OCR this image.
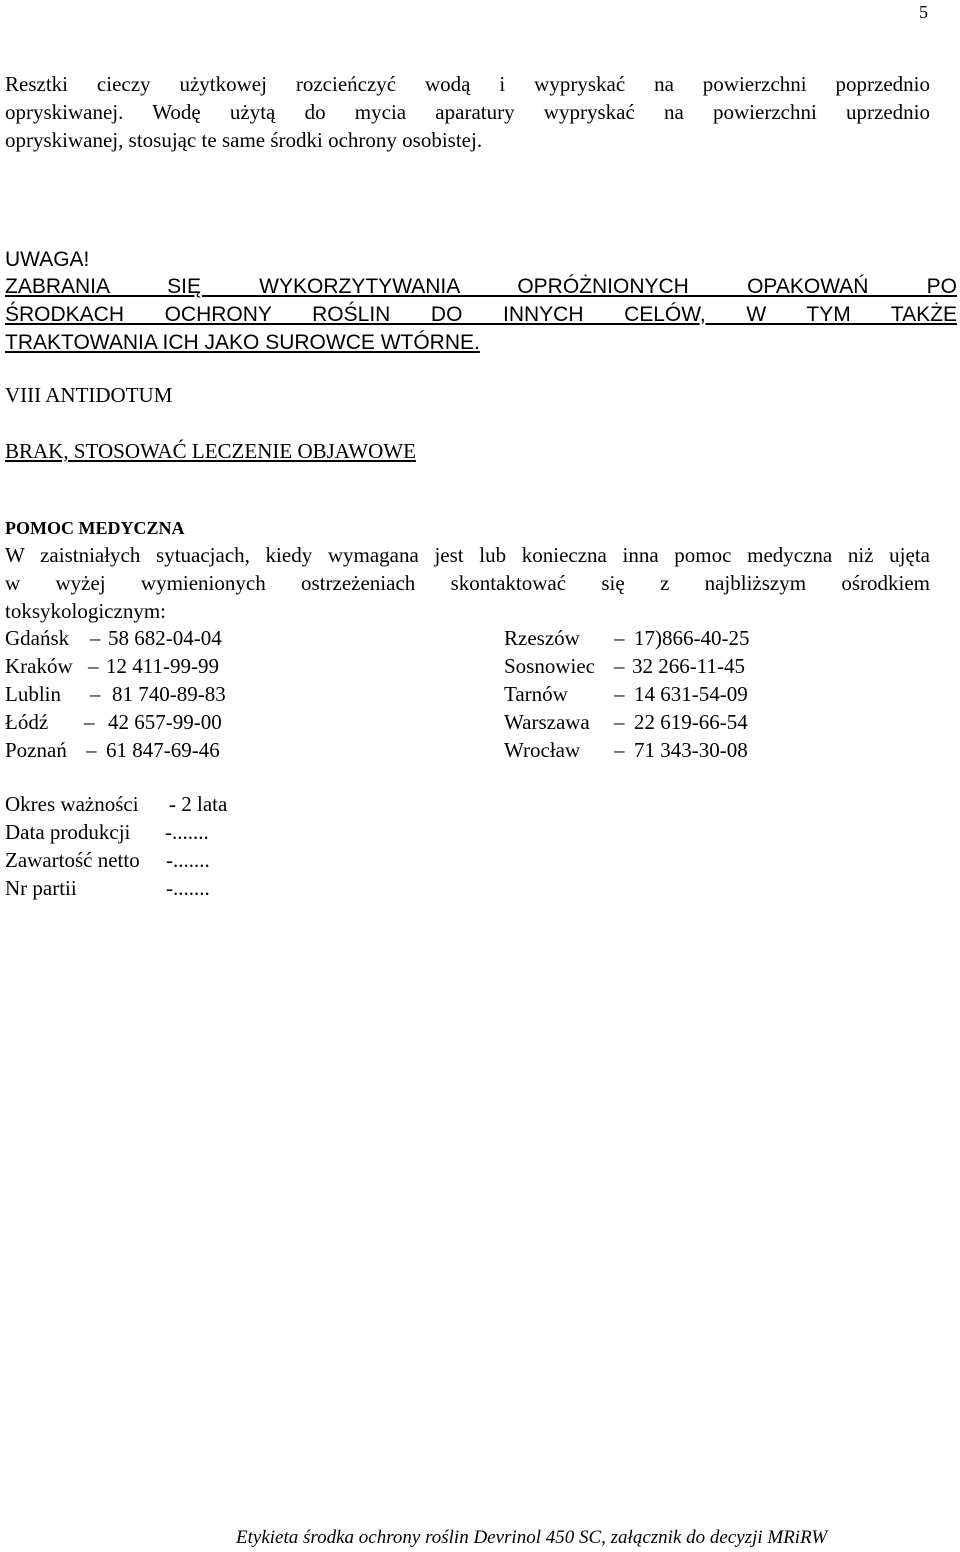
5
Resztki cieczy użytkowej rozcieńczyć wodą i wypryskać na powierzchni poprzednio
opryskiwanej. Wodę użytą do mycia aparatury wypryskać na powierzchni uprzednio
opryskiwanej, stosując te same środki ochrony osobistej.
UWAGA!
ZABRANIA SIĘ WYKORZYTYWANIA OPRÓŻNIONYCH OPAKOWAŃ PO
ŚRODKACH OCHRONY ROŚLIN DO INNYCH CELÓW, W TYM TAKŻE
TRAKTOWANIA ICH JAKO SUROWCE WTÓRNE.
VIII ANTIDOTUM
BRAK, STOSOWAĆ LECZENIE OBJAWOWE
POMOC MEDYCZNA
W zaistniałych sytuacjach, kiedy wymagana jest lub konieczna inna pomoc medyczna niż ujęta
w wyżej wymienionych ostrzeżeniach skontaktować się z najbliższym ośrodkiem
toksykologicznym:
Gdańsk – 58 682-04-04	Rzeszów – 17)866-40-25
Kraków – 12 411-99-99	Sosnowiec – 32 266-11-45
Lublin – 81 740-89-83	Tarnów – 14 631-54-09
Łódź – 42 657-99-00	Warszawa – 22 619-66-54
Poznań – 61 847-69-46	Wrocław – 71 343-30-08
Okres ważności - 2 lata
Data produkcji -.......
Zawartość netto -.......
Nr partii	-.......
Etykieta środka ochrony roślin Devrinol 450 SC, załącznik do decyzji MRiRW
